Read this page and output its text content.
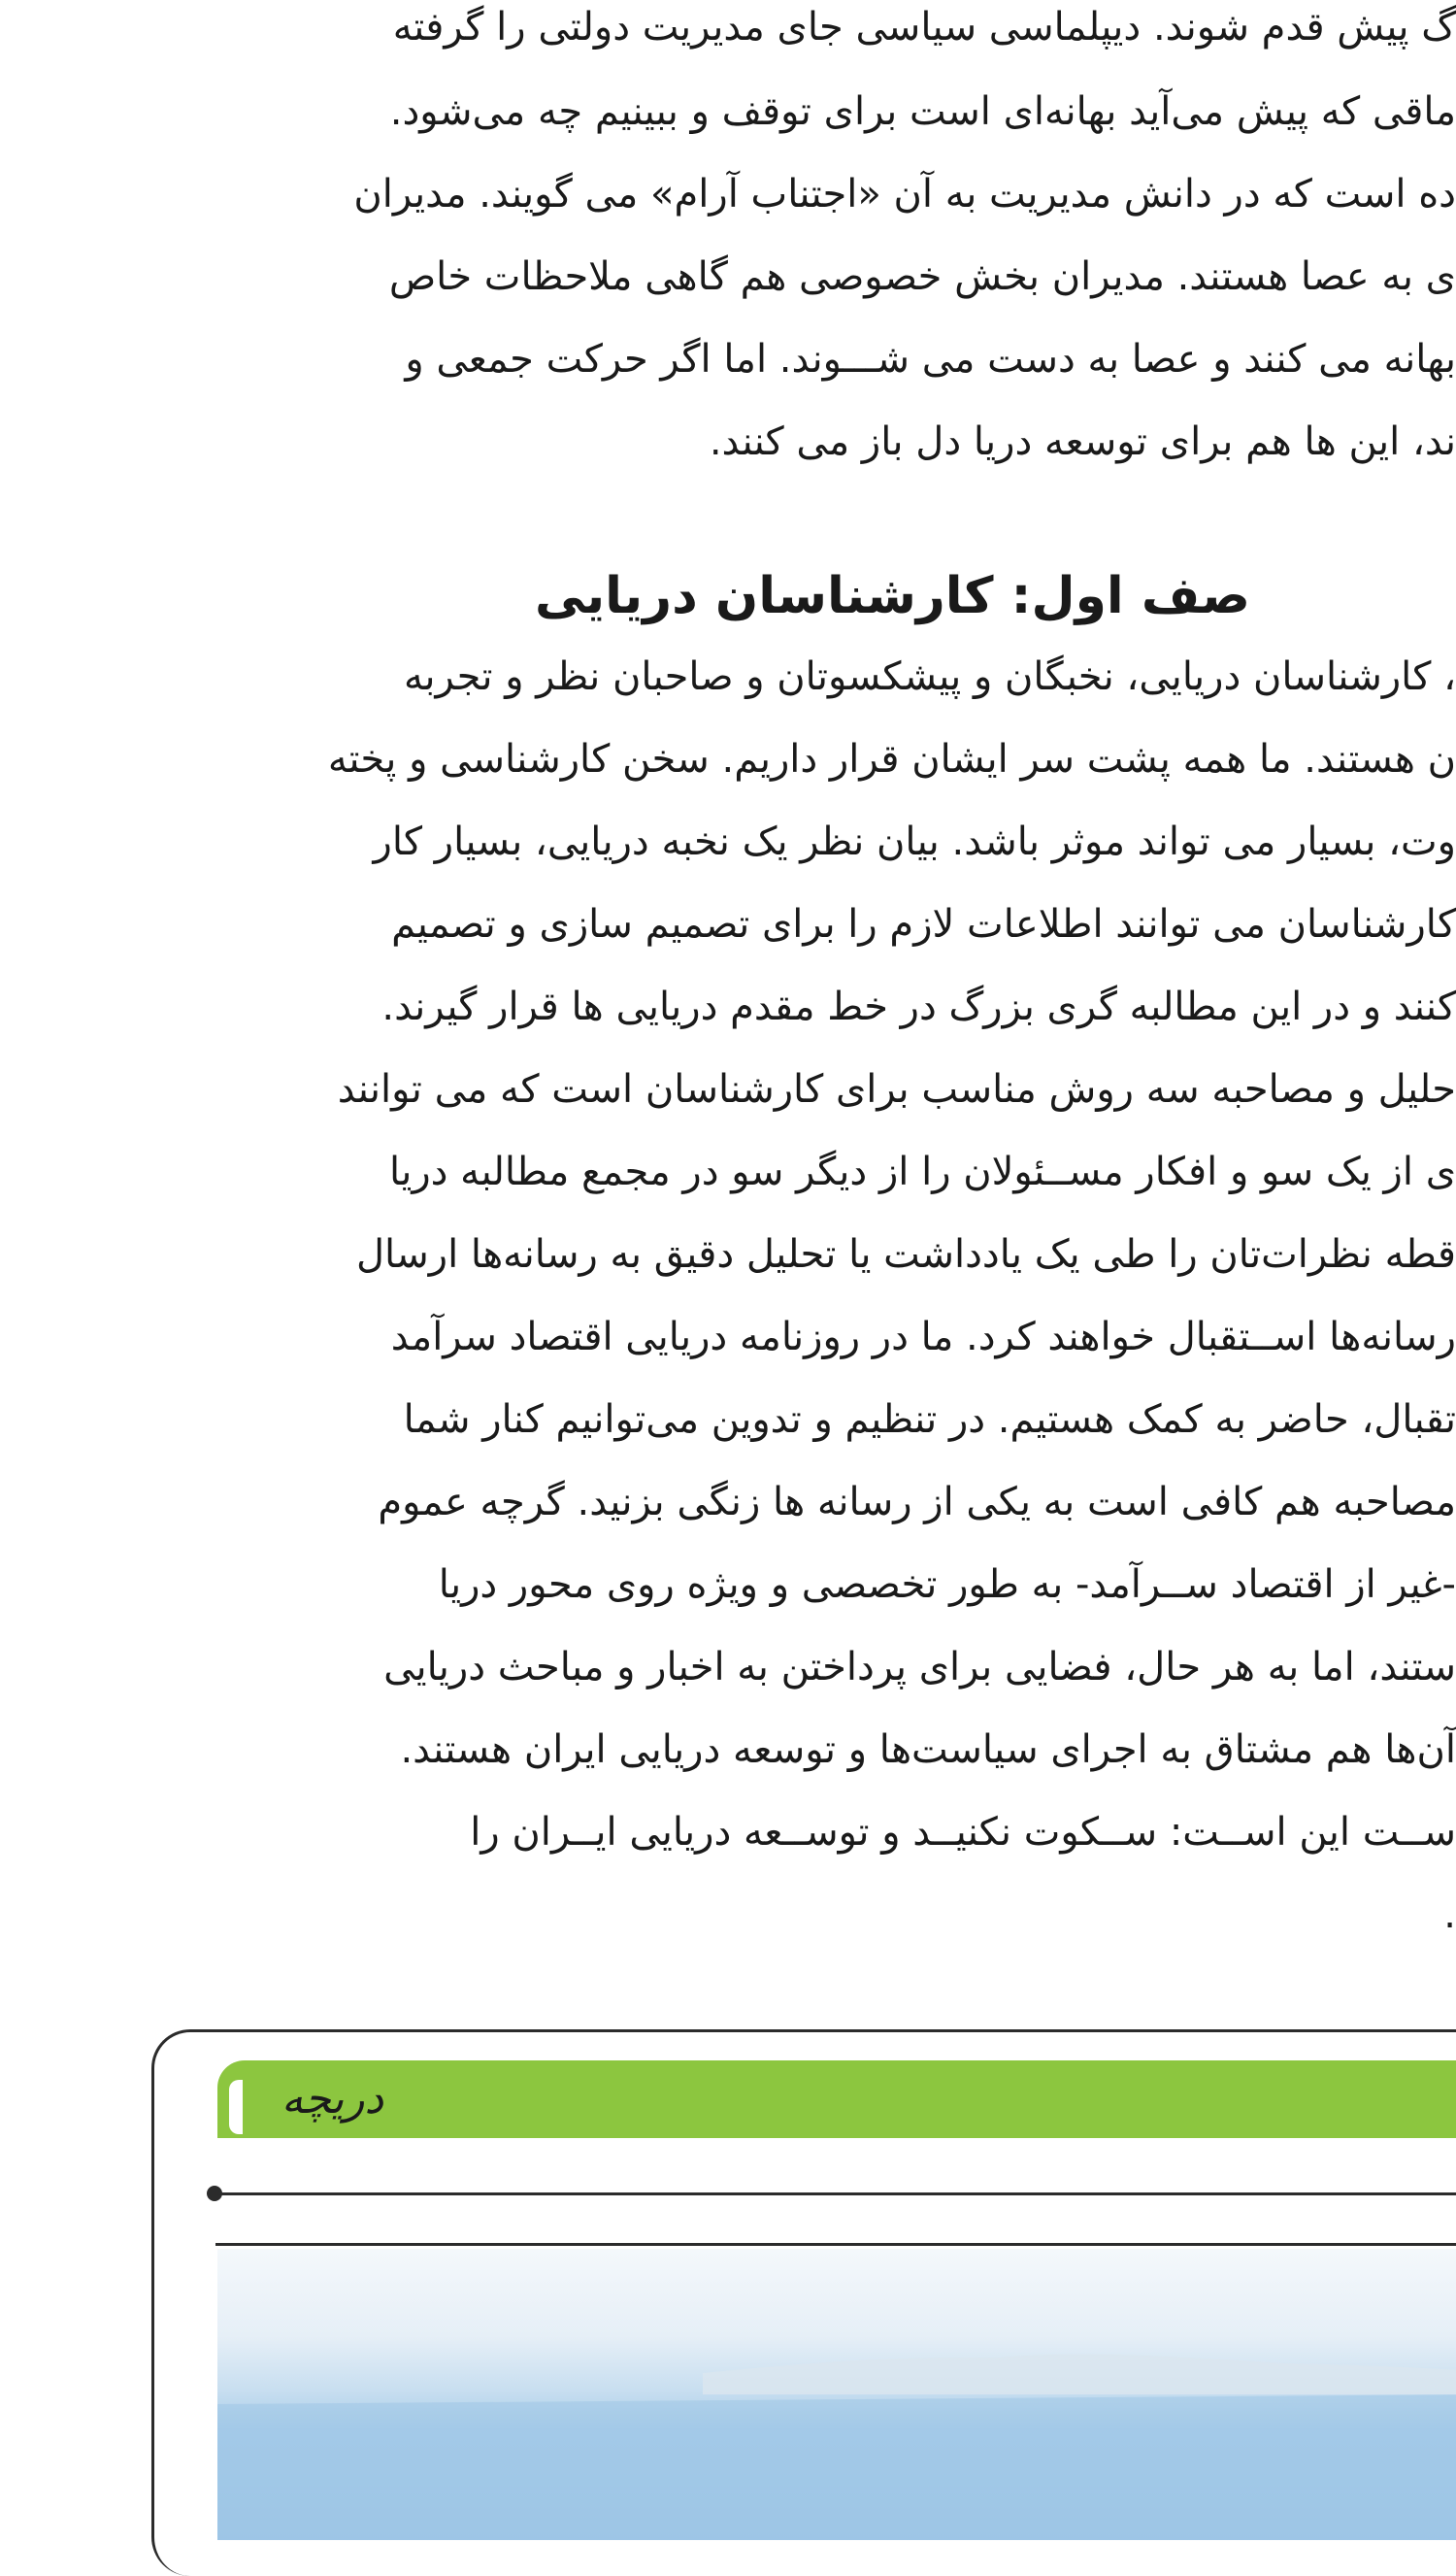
ﮒ پیش قدم شوند. دیپلماسی سیاسی جای مدیریت دولتی را گرفته
ماقی که پیش می‌آید بهانه‌ای است برای توقف و ببینیم چه می‌شود.
ده است که در دانش مدیریت به آن «اجتناب آرام» می گویند. مدیران
ی به عصا هستند. مدیران بخش خصوصی هم گاهی ملاحظات خاص
بهانه می کنند و عصا به دست می شـــوند. اما اگر حرکت جمعی و
ند، این ها هم برای توسعه دریا دل باز می کنند.
صف اول: کارشناسان دریایی
، کارشناسان دریایی، نخبگان و پیشکسوتان و صاحبان نظر و تجربه
ن هستند. ما همه پشت سر ایشان قرار داریم. سخن کارشناسی و پخته
وت، بسیار می تواند موثر باشد. بیان نظر یک نخبه دریایی، بسیار کار
کارشناسان می توانند اطلاعات لازم را برای تصمیم سازی و تصمیم
کنند و در این مطالبه گری بزرگ در خط مقدم دریایی ها قرار گیرند.
حلیل و مصاحبه سه روش مناسب برای کارشناسان است که می توانند
ی از یک سو و افکار مســئولان را از دیگر سو در مجمع مطالبه دریا
قطه نظرات‌تان را طی یک یادداشت یا تحلیل دقیق به رسانه‌ها ارسال
رسانه‌ها اســتقبال خواهند کرد. ما در روزنامه دریایی اقتصاد سرآمد
تقبال، حاضر به کمک هستیم. در تنظیم و تدوین می‌توانیم کنار شما
مصاحبه هم کافی است به یکی از رسانه ها زنگی بزنید. گرچه عموم
-غیر از اقتصاد ســرآمد- به طور تخصصی و ویژه روی محور دریا
ستند، اما به هر حال، فضایی برای پرداختن به اخبار و مباحث دریایی
آن‌ها هم مشتاق به اجرای سیاست‌ها و توسعه دریایی ایران هستند.
ســت این اســت: ســکوت نکنیــد و توســعه دریایی ایــران را
.
دریچه
